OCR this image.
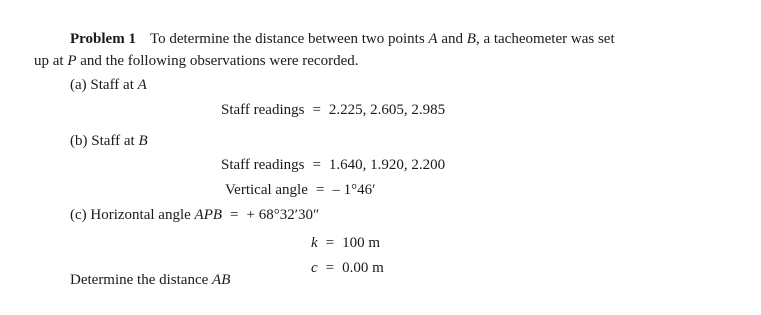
Problem 1 To determine the distance between two points A and B, a tacheometer was set
up at P and the following observations were recorded.
(a) Staff at A
Staff readings = 2.225, 2.605, 2.985
(b) Staff at B
Staff readings = 1.640, 1.920, 2.200
Vertical angle = – 1°46′
(c) Horizontal angle APB = + 68°32′30″
k = 100 m
c = 0.00 m
Determine the distance AB
